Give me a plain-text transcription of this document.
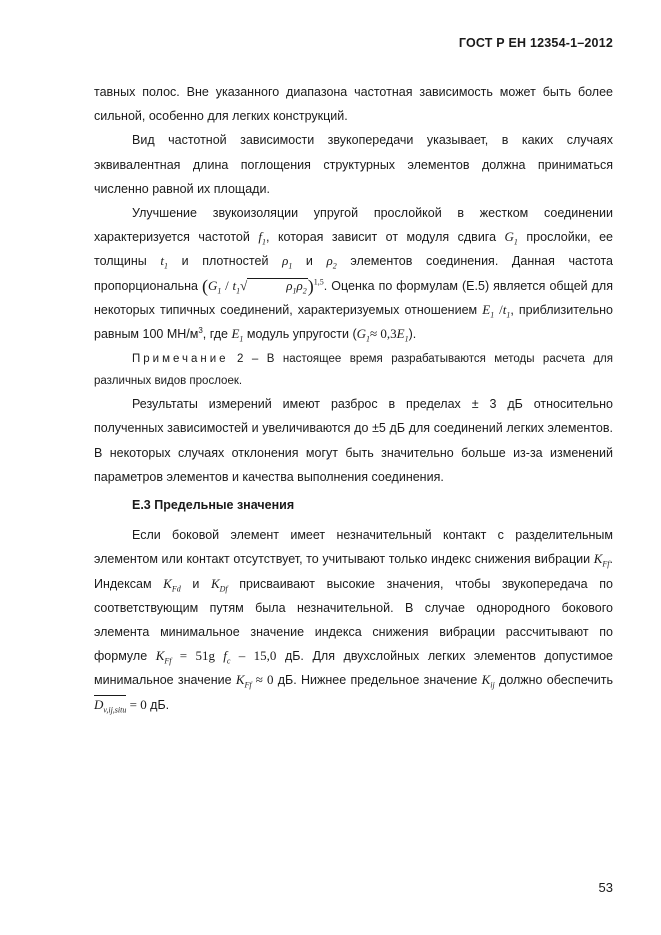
ГОСТ Р ЕН 12354-1–2012

тавных полос. Вне указанного диапазона частотная зависимость может быть более сильной, особенно для легких конструкций.

Вид частотной зависимости звукопередачи указывает, в каких случаях эквивалентная длина поглощения структурных элементов должна приниматься численно равной их площади.

Улучшение звукоизоляции упругой прослойкой в жестком соединении характеризуется частотой $f_1$, которая зависит от модуля сдвига $G_1$ прослойки, ее толщины $t_1$ и плотностей $\rho_1$ и $\rho_2$ элементов соединения. Данная частота пропорциональна ($G_1 / t_1√$	$\rho_1\rho_2)^{1,5}$. Оценка по формулам (Е.5) является общей для некоторых типичных соединений, характеризуемых отношением $E_1$ $/t_1$, приблизительно равным 100 $МН/м^3$, где $E_1$ модуль упругости $(G_1\approx 0,3E_1)$.

Примечание 2 – В настоящее время разрабатываются методы расчета для различных видов прослоек.

Результаты измерений имеют разброс в пределах ± 3 дБ относительно полученных зависимостей и увеличиваются до ±5 дБ для соединений легких элементов. В некоторых случаях отклонения могут быть значительно больше из-за изменений параметров элементов и качества выполнения соединения.

Е.3 Предельные значения

Если боковой элемент имеет незначительный контакт с разделительным элементом или контакт отсутствует, то учитывают только индекс снижения вибрации $K_{Ff}$. Индексам $K_{Fd}$ и $K_{Df}$ присваивают высокие значения, чтобы звукопередача по соответствующим путям была незначительной. В случае однородного бокового элемента минимальное значение индекса снижения вибрации рассчитывают по формуле $K_{Ff} = 51g$ $f_c - 15,0$ дБ. Для двухслойных легких элементов допустимое минимальное значение $K_{Ff} \approx 0$ дБ. Нижнее предельное значение $K_{ij}$ должно обеспечить $D_{v,ij,situ} = 0$ дБ.

53
